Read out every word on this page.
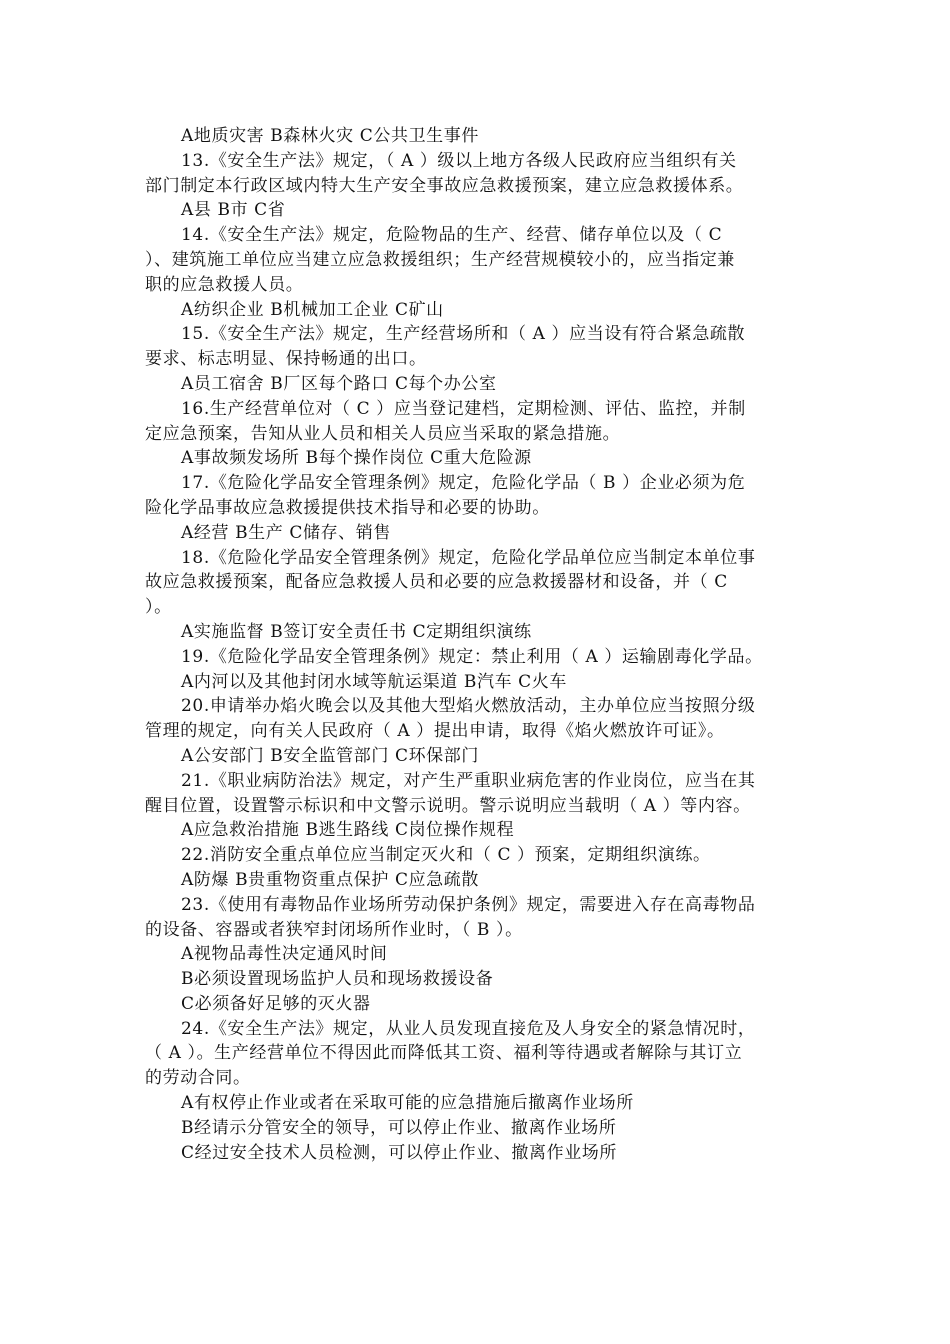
A地质灾害 B森林火灾 C公共卫生事件
13.《安全生产法》规定，（ A ）级以上地方各级人民政府应当组织有关
部门制定本行政区域内特大生产安全事故应急救援预案，建立应急救援体系。
A县 B市 C省
14.《安全生产法》规定，危险物品的生产、经营、储存单位以及（ C
）、建筑施工单位应当建立应急救援组织；生产经营规模较小的，应当指定兼
职的应急救援人员。
A纺织企业 B机械加工企业 C矿山
15.《安全生产法》规定，生产经营场所和（ A ）应当设有符合紧急疏散
要求、标志明显、保持畅通的出口。
A员工宿舍 B厂区每个路口 C每个办公室
16.生产经营单位对（ C ）应当登记建档，定期检测、评估、监控，并制
定应急预案，告知从业人员和相关人员应当采取的紧急措施。
A事故频发场所 B每个操作岗位 C重大危险源
17.《危险化学品安全管理条例》规定，危险化学品（ B ）企业必须为危
险化学品事故应急救援提供技术指导和必要的协助。
A经营 B生产 C储存、销售
18.《危险化学品安全管理条例》规定，危险化学品单位应当制定本单位事
故应急救援预案，配备应急救援人员和必要的应急救援器材和设备，并（ C
）。
A实施监督 B签订安全责任书 C定期组织演练
19.《危险化学品安全管理条例》规定：禁止利用（ A ）运输剧毒化学品。
A内河以及其他封闭水域等航运渠道 B汽车 C火车
20.申请举办焰火晚会以及其他大型焰火燃放活动，主办单位应当按照分级
管理的规定，向有关人民政府（ A ）提出申请，取得《焰火燃放许可证》。
A公安部门 B安全监管部门 C环保部门
21.《职业病防治法》规定，对产生严重职业病危害的作业岗位，应当在其
醒目位置，设置警示标识和中文警示说明。警示说明应当载明（ A ）等内容。
A应急救治措施 B逃生路线 C岗位操作规程
22.消防安全重点单位应当制定灭火和（ C ）预案，定期组织演练。
A防爆 B贵重物资重点保护 C应急疏散
23.《使用有毒物品作业场所劳动保护条例》规定，需要进入存在高毒物品
的设备、容器或者狭窄封闭场所作业时，（ B ）。
A视物品毒性决定通风时间
B必须设置现场监护人员和现场救援设备
C必须备好足够的灭火器
24.《安全生产法》规定，从业人员发现直接危及人身安全的紧急情况时，
（ A ）。生产经营单位不得因此而降低其工资、福利等待遇或者解除与其订立
的劳动合同。
A有权停止作业或者在采取可能的应急措施后撤离作业场所
B经请示分管安全的领导，可以停止作业、撤离作业场所
C经过安全技术人员检测，可以停止作业、撤离作业场所
